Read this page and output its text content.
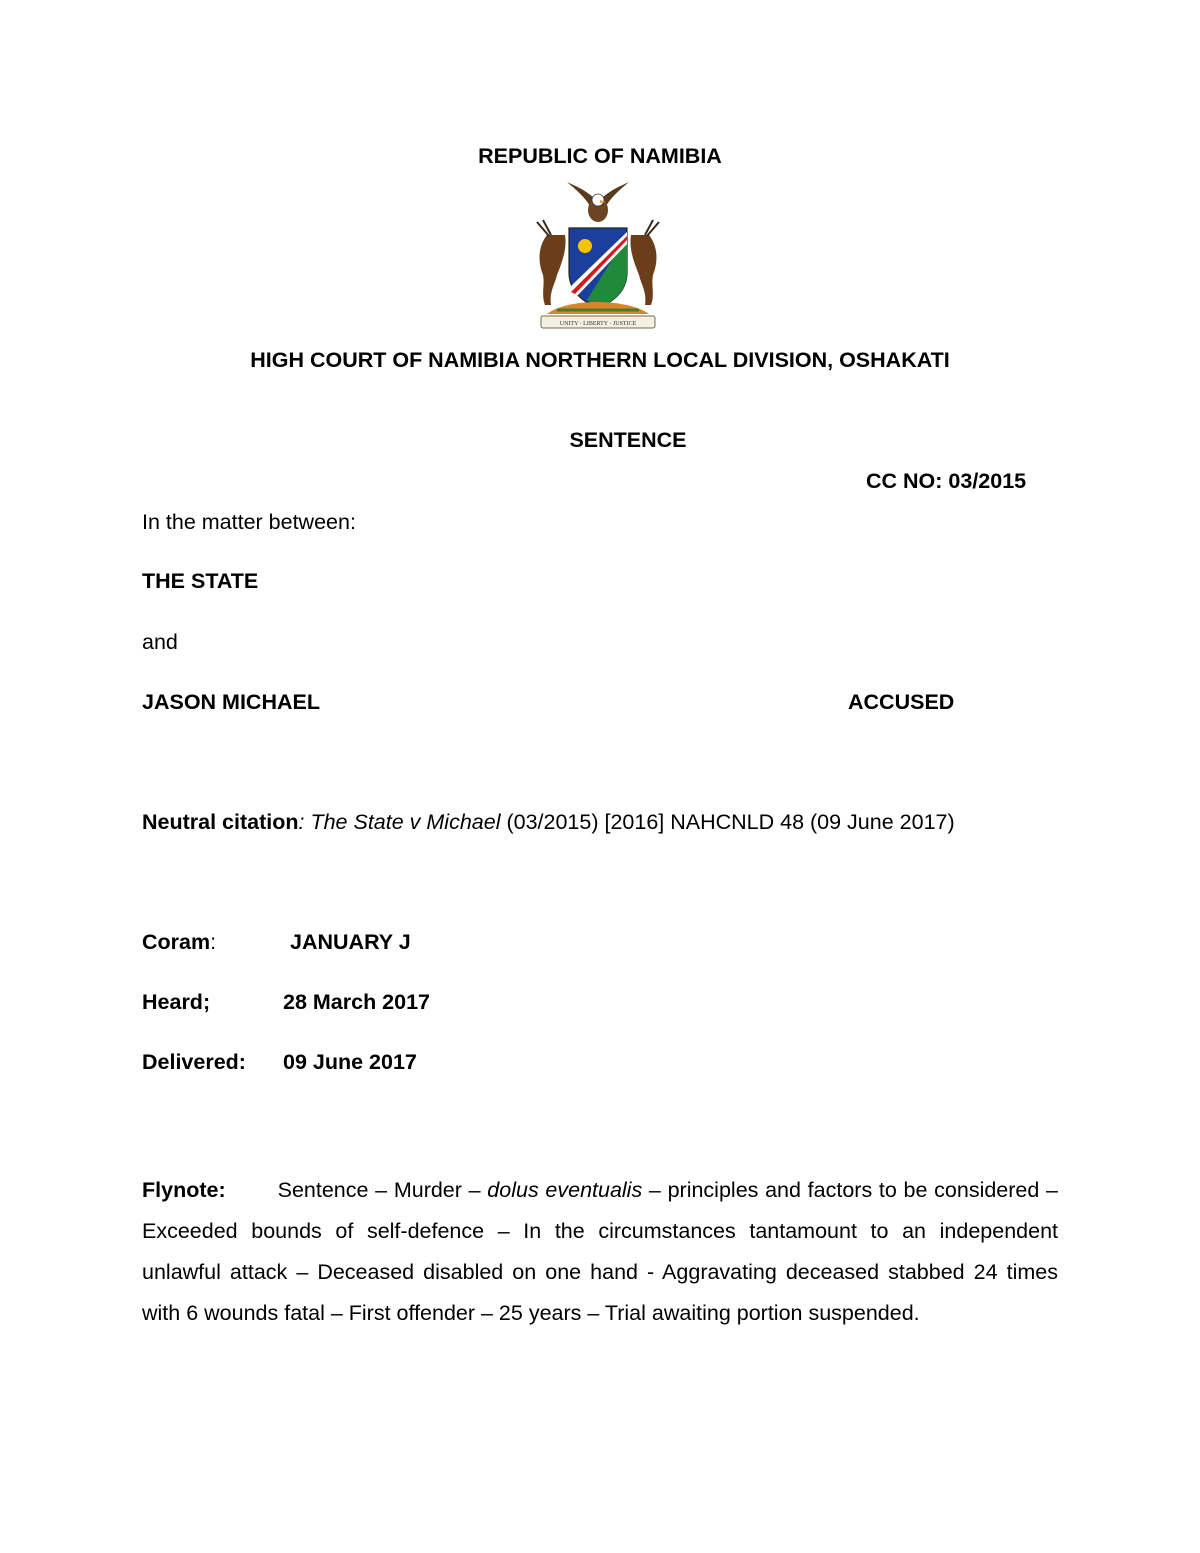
REPUBLIC OF NAMIBIA
UNITY · LIBERTY · JUSTICE
HIGH COURT OF NAMIBIA NORTHERN LOCAL DIVISION, OSHAKATI
SENTENCE
CC NO: 03/2015
In the matter between:
THE STATE
and
JASON MICHAEL	ACCUSED
Neutral citation: The State v Michael (03/2015) [2016] NAHCNLD 48 (09 June 2017)
Coram:	JANUARY J
Heard;	28 March 2017
Delivered: 09 June 2017
Flynote: Sentence – Murder – dolus eventualis – principles and factors to be considered – Exceeded bounds of self-defence – In the circumstances tantamount to an independent unlawful attack – Deceased disabled on one hand - Aggravating deceased stabbed 24 times with 6 wounds fatal – First offender – 25 years – Trial awaiting portion suspended.
